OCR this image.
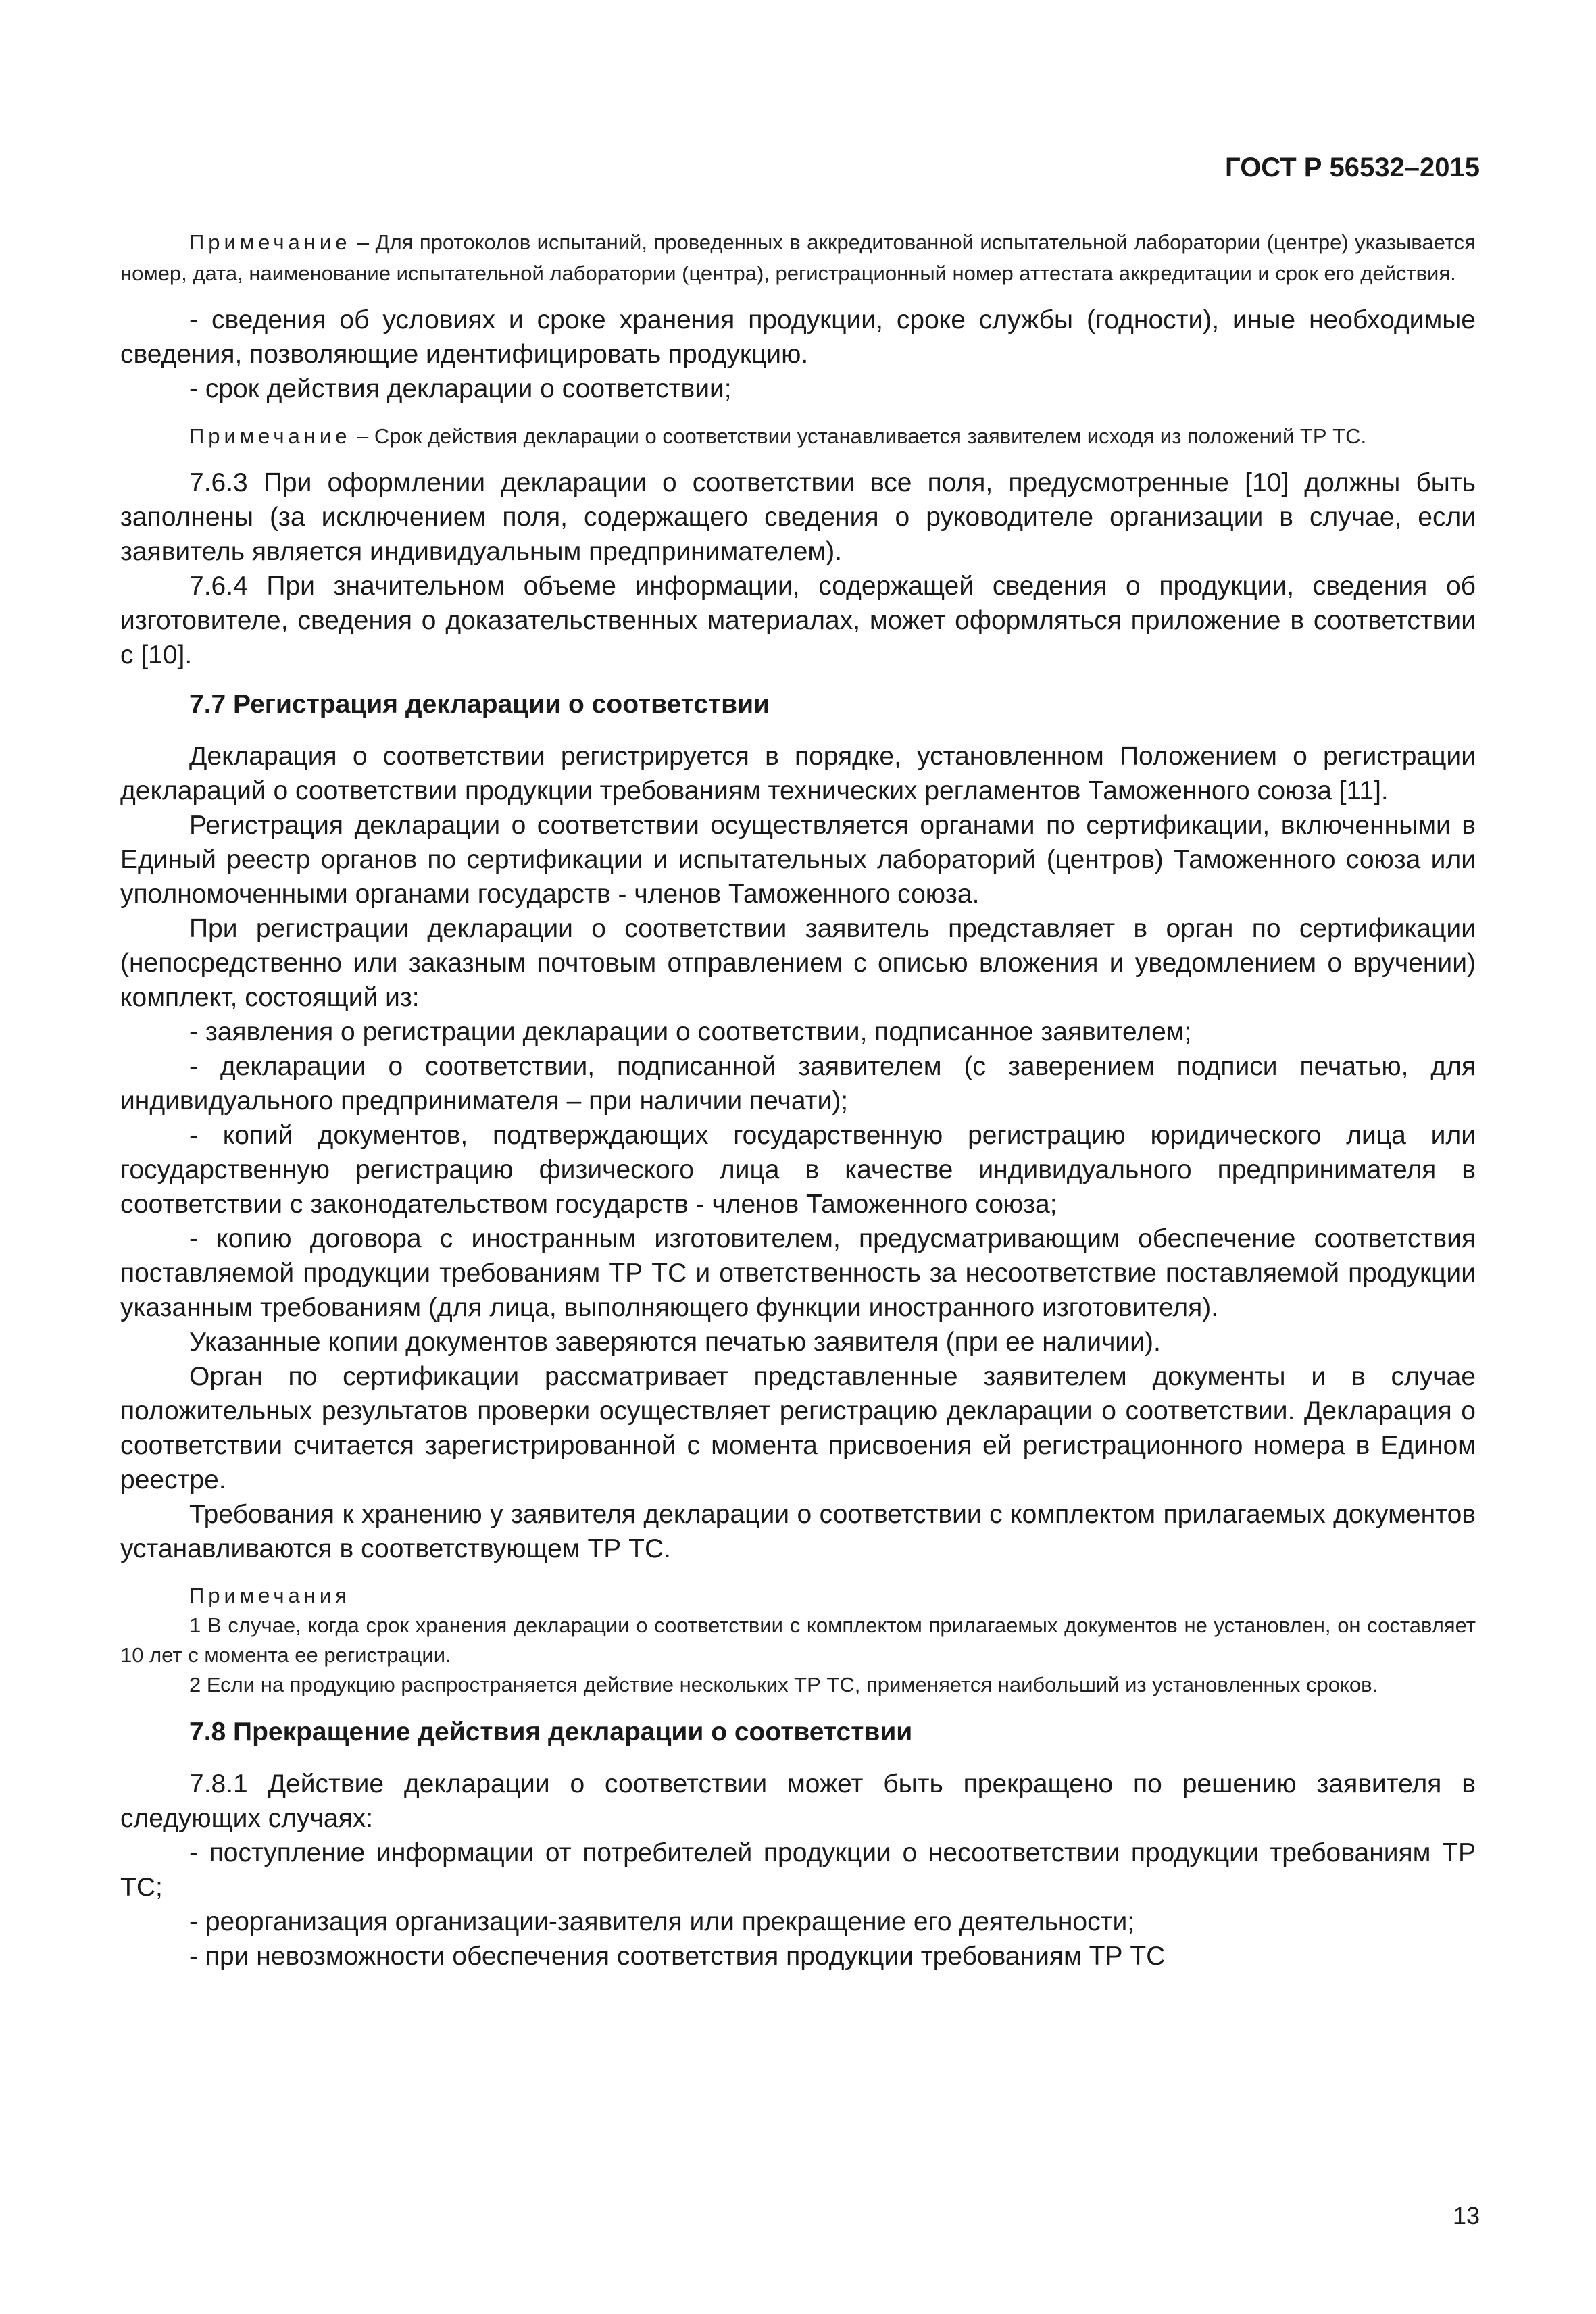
ГОСТ Р 56532–2015

Примечание – Для протоколов испытаний, проведенных в аккредитованной испытательной лаборатории (центре) указывается номер, дата, наименование испытательной лаборатории (центра), регистрационный номер аттестата аккредитации и срок его действия.

- сведения об условиях и сроке хранения продукции, сроке службы (годности), иные необходимые сведения, позволяющие идентифицировать продукцию.

- срок действия декларации о соответствии;

Примечание – Срок действия декларации о соответствии устанавливается заявителем исходя из положений ТР ТС.

7.6.3 При оформлении декларации о соответствии все поля, предусмотренные [10] должны быть заполнены (за исключением поля, содержащего сведения о руководителе организации в случае, если заявитель является индивидуальным предпринимателем).

7.6.4 При значительном объеме информации, содержащей сведения о продукции, сведения об изготовителе, сведения о доказательственных материалах, может оформляться приложение в соответствии с [10].

7.7 Регистрация декларации о соответствии

Декларация о соответствии регистрируется в порядке, установленном Положением о регистрации деклараций о соответствии продукции требованиям технических регламентов Таможенного союза [11].

Регистрация декларации о соответствии осуществляется органами по сертификации, включенными в Единый реестр органов по сертификации и испытательных лабораторий (центров) Таможенного союза или уполномоченными органами государств - членов Таможенного союза.

При регистрации декларации о соответствии заявитель представляет в орган по сертификации (непосредственно или заказным почтовым отправлением с описью вложения и уведомлением о вручении) комплект, состоящий из:

- заявления о регистрации декларации о соответствии, подписанное заявителем;

- декларации о соответствии, подписанной заявителем (с заверением подписи печатью, для индивидуального предпринимателя – при наличии печати);

- копий документов, подтверждающих государственную регистрацию юридического лица или государственную регистрацию физического лица в качестве индивидуального предпринимателя в соответствии с законодательством государств - членов Таможенного союза;

- копию договора с иностранным изготовителем, предусматривающим обеспечение соответствия поставляемой продукции требованиям ТР ТС и ответственность за несоответствие поставляемой продукции указанным требованиям (для лица, выполняющего функции иностранного изготовителя).

Указанные копии документов заверяются печатью заявителя (при ее наличии).

Орган по сертификации рассматривает представленные заявителем документы и в случае положительных результатов проверки осуществляет регистрацию декларации о соответствии. Декларация о соответствии считается зарегистрированной с момента присвоения ей регистрационного номера в Едином реестре.

Требования к хранению у заявителя декларации о соответствии с комплектом прилагаемых документов устанавливаются в соответствующем ТР ТС.

Примечания

1 В случае, когда срок хранения декларации о соответствии с комплектом прилагаемых документов не установлен, он составляет 10 лет с момента ее регистрации.

2 Если на продукцию распространяется действие нескольких ТР ТС, применяется наибольший из установленных сроков.

7.8 Прекращение действия декларации о соответствии

7.8.1 Действие декларации о соответствии может быть прекращено по решению заявителя в следующих случаях:

- поступление информации от потребителей продукции о несоответствии продукции требованиям ТР ТС;

- реорганизация организации-заявителя или прекращение его деятельности;

- при невозможности обеспечения соответствия продукции требованиям ТР ТС

13
